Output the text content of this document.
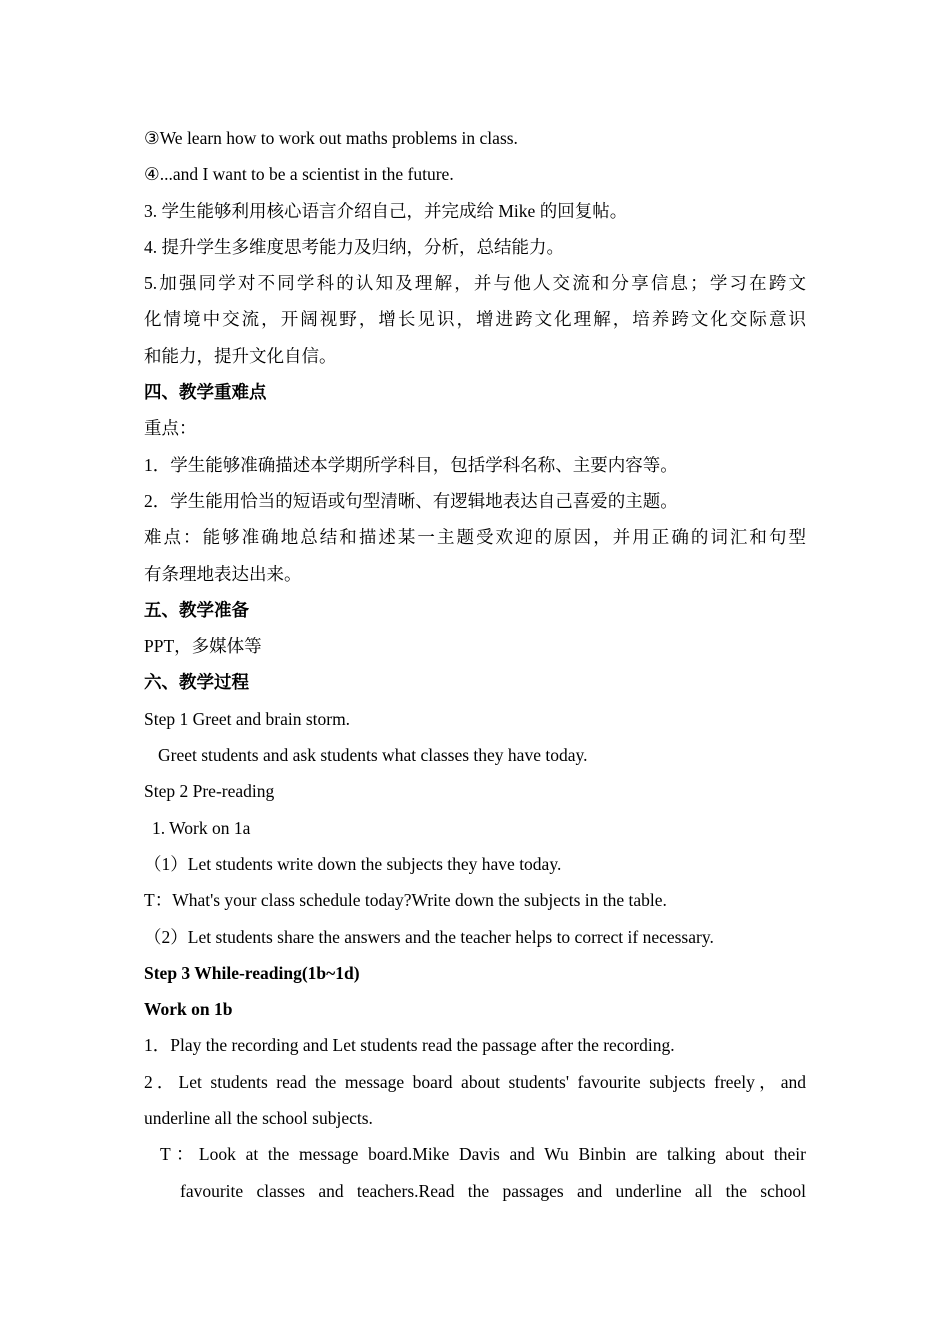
③We learn how to work out maths problems in class.
④...and I want to be a scientist in the future.
3. 学生能够利用核心语言介绍自己，并完成给 Mike 的回复帖。
4. 提升学生多维度思考能力及归纳，分析，总结能力。
5.加强同学对不同学科的认知及理解，并与他人交流和分享信息；学习在跨文
化情境中交流，开阔视野，增长见识，增进跨文化理解，培养跨文化交际意识
和能力，提升文化自信。
四、教学重难点
重点：
1．学生能够准确描述本学期所学科目，包括学科名称、主要内容等。
2．学生能用恰当的短语或句型清晰、有逻辑地表达自己喜爱的主题。
难点：能够准确地总结和描述某一主题受欢迎的原因，并用正确的词汇和句型
有条理地表达出来。
五、教学准备
PPT，多媒体等
六、教学过程
Step 1 Greet and brain storm.
Greet students and ask students what classes they have today.
Step 2 Pre-reading
1. Work on 1a
（1）Let students write down the subjects they have today.
T：What's your class schedule today?Write down the subjects in the table.
（2）Let students share the answers and the teacher helps to correct if necessary.
Step 3 While-reading(1b~1d)
Work on 1b
1．Play the recording and Let students read the passage after the recording.
2．Let students read the message board about students' favourite subjects freely，and
underline all the school subjects.
T：Look at the message board.Mike Davis and Wu Binbin are talking about their
favourite classes and teachers.Read the passages and underline all the school
